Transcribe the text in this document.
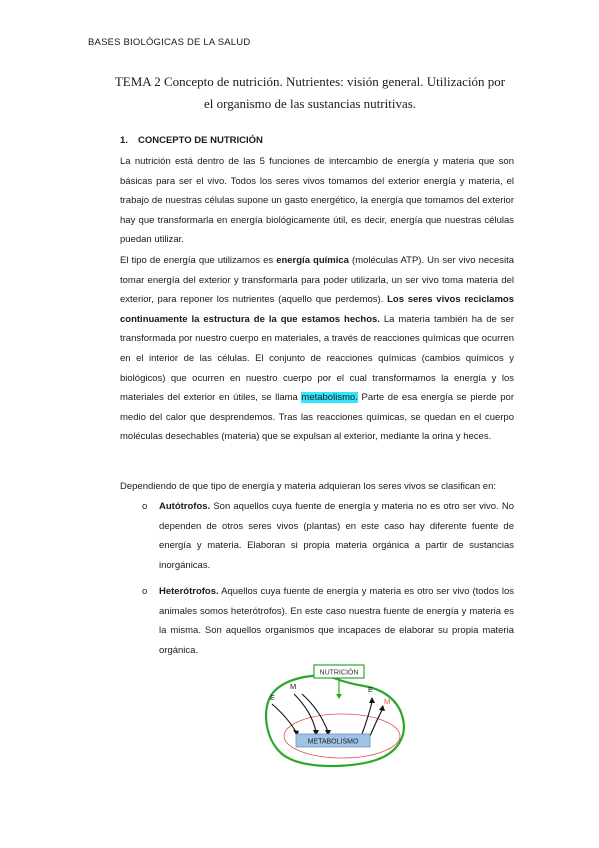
BASES BIOLÓGICAS DE LA SALUD
TEMA 2 Concepto de nutrición. Nutrientes: visión general. Utilización por
el organismo de las sustancias nutritivas.
1. CONCEPTO DE NUTRICIÓN

La nutrición está dentro de las 5 funciones de intercambio de energía y materia que son básicas para ser el vivo. Todos los seres vivos tomamos del exterior energía y materia, el trabajo de nuestras células supone un gasto energético, la energía que tomamos del exterior hay que transformarla en energía biológicamente útil, es decir, energía que nuestras células puedan utilizar.

El tipo de energía que utilizamos es energía química (moléculas ATP). Un ser vivo necesita tomar energía del exterior y transformarla para poder utilizarla, un ser vivo toma materia del exterior, para reponer los nutrientes (aquello que perdemos). Los seres vivos reciclamos continuamente la estructura de la que estamos hechos. La materia también ha de ser transformada por nuestro cuerpo en materiales, a través de reacciones químicas que ocurren en el interior de las células. El conjunto de reacciones químicas (cambios químicos y biológicos) que ocurren en nuestro cuerpo por el cual transformamos la energía y los materiales del exterior en útiles, se llama metabolismo. Parte de esa energía se pierde por medio del calor que desprendemos. Tras las reacciones químicas, se quedan en el cuerpo moléculas desechables (materia) que se expulsan al exterior, mediante la orina y heces.

Dependiendo de que tipo de energía y materia adquieran los seres vivos se clasifican en:

o Autótrofos. Son aquellos cuya fuente de energía y materia no es otro ser vivo. No dependen de otros seres vivos (plantas) en este caso hay diferente fuente de energía y materia. Elaboran si propia materia orgánica a partir de sustancias inorgánicas.

o Heterótrofos. Aquellos cuya fuente de energía y materia es otro ser vivo (todos los animales somos heterótrofos). En este caso nuestra fuente de energía y materia es la misma. Son aquellos organismos que incapaces de elaborar su propia materia orgánica.

NUTRICIÓN
METABOLISMO
E
M	E
M
